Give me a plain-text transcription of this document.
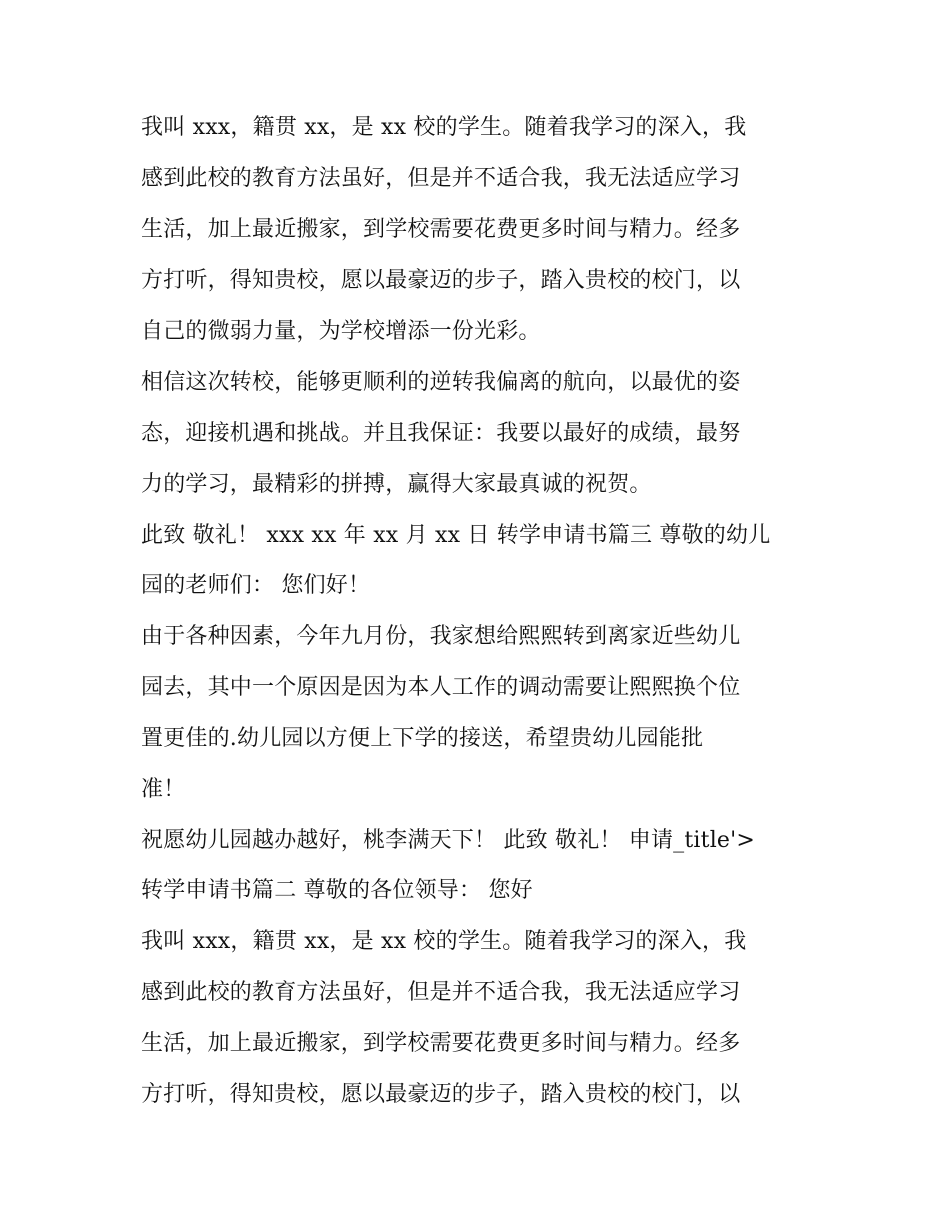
我叫 xxx，籍贯 xx，是 xx 校的学生。随着我学习的深入，我

感到此校的教育方法虽好，但是并不适合我，我无法适应学习

生活，加上最近搬家，到学校需要花费更多时间与精力。经多

方打听，得知贵校，愿以最豪迈的步子，踏入贵校的校门，以

自己的微弱力量，为学校增添一份光彩。

相信这次转校，能够更顺利的逆转我偏离的航向，以最优的姿

态，迎接机遇和挑战。并且我保证：我要以最好的成绩，最努

力的学习，最精彩的拼搏，赢得大家最真诚的祝贺。

此致 敬礼！ xxx xx 年 xx 月 xx 日 转学申请书篇三 尊敬的幼儿

园的老师们： 您们好！

由于各种因素，今年九月份，我家想给熙熙转到离家近些幼儿

园去，其中一个原因是因为本人工作的调动需要让熙熙换个位

置更佳的.幼儿园以方便上下学的接送，希望贵幼儿园能批

准！

祝愿幼儿园越办越好，桃李满天下！ 此致 敬礼！ 申请_title'>

转学申请书篇二 尊敬的各位领导： 您好

我叫 xxx，籍贯 xx，是 xx 校的学生。随着我学习的深入，我

感到此校的教育方法虽好，但是并不适合我，我无法适应学习

生活，加上最近搬家，到学校需要花费更多时间与精力。经多

方打听，得知贵校，愿以最豪迈的步子，踏入贵校的校门，以
